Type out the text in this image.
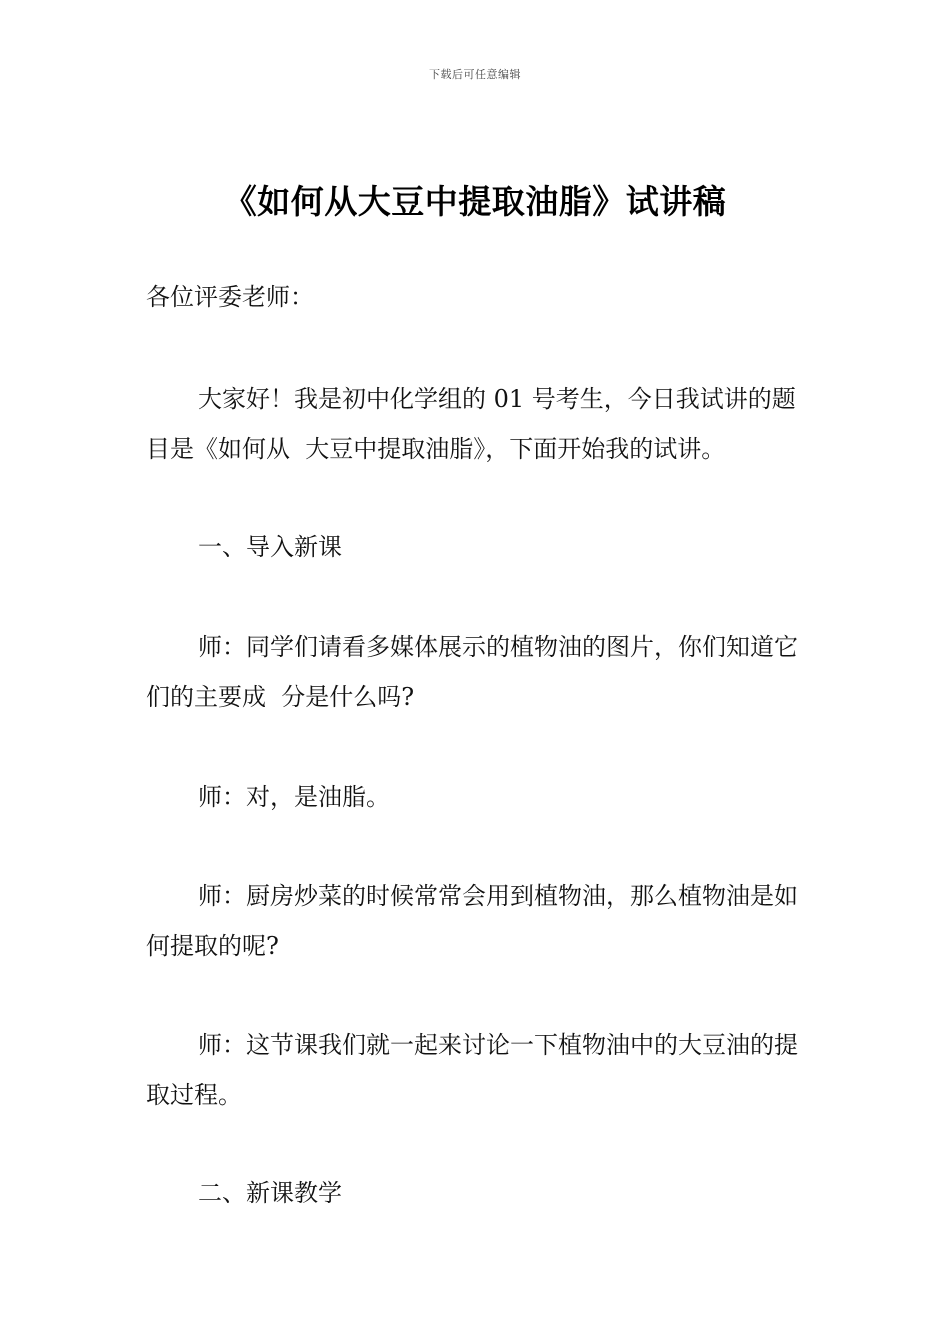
下载后可任意编辑
《如何从大豆中提取油脂》试讲稿
各位评委老师：
大家好！我是初中化学组的 01 号考生，今日我试讲的题目是《如何从  大豆中提取油脂》，下面开始我的试讲。
一、导入新课
师：同学们请看多媒体展示的植物油的图片，你们知道它们的主要成  分是什么吗?
师：对，是油脂。
师：厨房炒菜的时候常常会用到植物油，那么植物油是如何提取的呢?
师：这节课我们就一起来讨论一下植物油中的大豆油的提取过程。
二、新课教学
